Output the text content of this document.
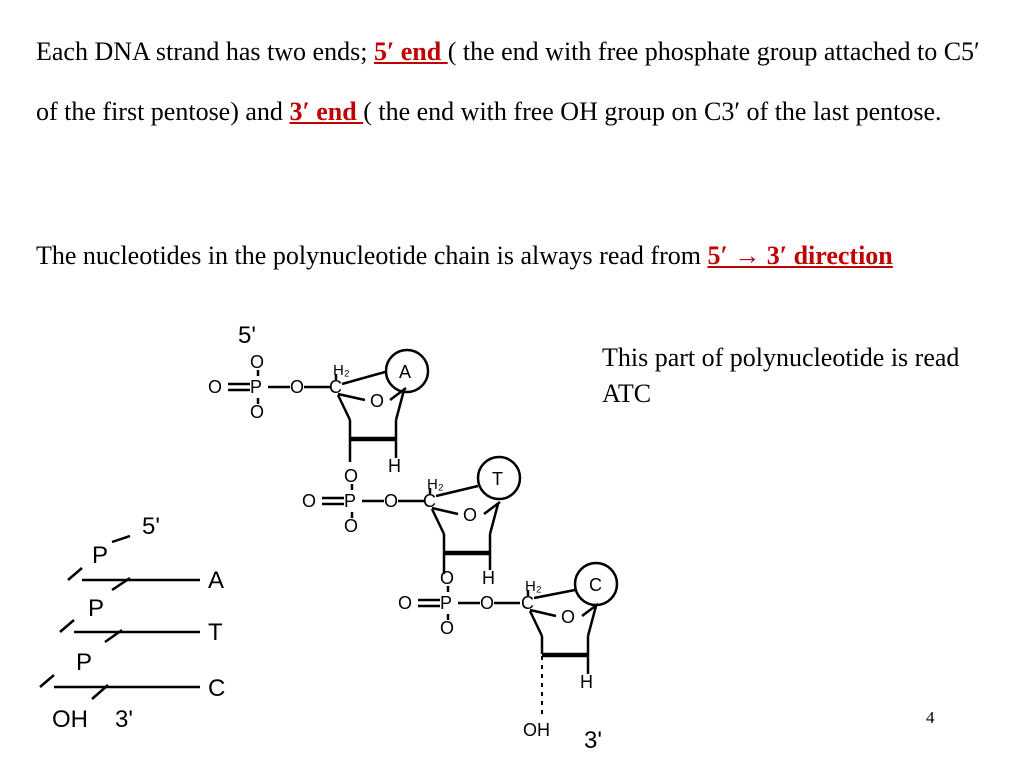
Each DNA strand has two ends; 5′ end ( the end with free phosphate group attached to C5′ of the first pentose) and 3′ end ( the end with free OH group on C3′ of the last pentose.
The nucleotides in the polynucleotide chain is always read from 5′ → 3′ direction
This part of polynucleotide is read ATC
4
5'
O
O P O C
H₂
O
O
H
A
O
O P O C
H₂
O
O
H
T
O
O P O C
H₂
O
O
H
C
OH 3'
5'
P
P
P
A
T
C
OH 3'
